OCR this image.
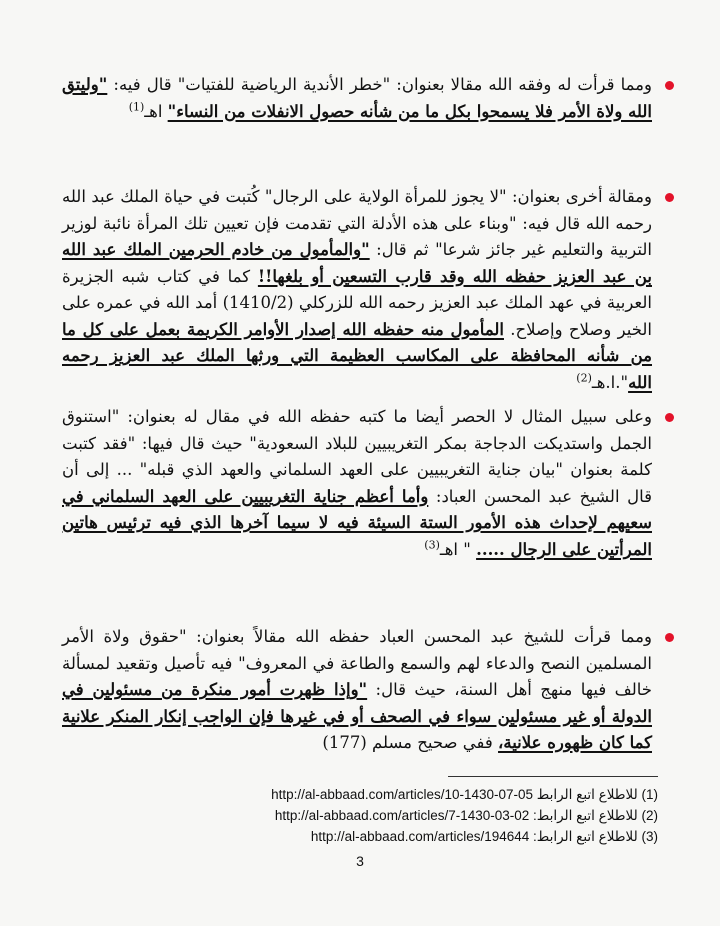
ومما قرأت له وفقه الله مقالا بعنوان: "خطر الأندية الرياضية للفتيات" قال فيه: "وليتق الله ولاة الأمر فلا يسمحوا بكل ما من شأنه حصول الانفلات من النساء" اهـ$^{(1)}$

ومقالة أخرى بعنوان: "لا يجوز للمرأة الولاية على الرجال" كُتبت في حياة الملك عبد الله رحمه الله قال فيه: "وبناء على هذه الأدلة التي تقدمت فإن تعيين تلك المرأة نائبة لوزير التربية والتعليم غير جائز شرعا" ثم قال: "والمأمول من خادم الحرمين الملك عبد الله بن عبد العزيز حفظه الله وقد قارب التسعين أو بلغها!! كما في كتاب شبه الجزيرة العربية في عهد الملك عبد العزيز رحمه الله للزركلي (1410/2) أمد الله في عمره على الخير وصلاح وإصلاح. المأمول منه حفظه الله إصدار الأوامر الكريمة بعمل على كل ما من شأنه المحافظة على المكاسب العظيمة التي ورثها الملك عبد العزيز رحمه الله".ا.هـ$^{(2)}$

وعلى سبيل المثال لا الحصر أيضا ما كتبه حفظه الله في مقال له بعنوان: "استنوق الجمل واستديكت الدجاجة بمكر التغريبيين للبلاد السعودية" حيث قال فيها: "فقد كتبت كلمة بعنوان "بيان جناية التغريبيين على العهد السلماني والعهد الذي قبله" ... إلى أن قال الشيخ عبد المحسن العباد: وأما أعظم جناية التغريبيين على العهد السلماني في سعيهم لإحداث هذه الأمور الستة السيئة فيه لا سيما آخرها الذي فيه ترئيس هاتين المرأتين على الرجال ..... " اهـ$^{(3)}$

ومما قرأت للشيخ عبد المحسن العباد حفظه الله مقالاً بعنوان: "حقوق ولاة الأمر المسلمين النصح والدعاء لهم والسمع والطاعة في المعروف" فيه تأصيل وتقعيد لمسألة خالف فيها منهج أهل السنة، حيث قال: "وإذا ظهرت أمور منكرة من مسئولين في الدولة أو غير مسئولين سواء في الصحف أو في غيرها فإن الواجب إنكار المنكر علانية كما كان ظهوره علانية، ففي صحيح مسلم (177)

(1) للاطلاع اتبع الرابط http://al-abbaad.com/articles/10-1430-07-05
(2) للاطلاع اتبع الرابط: http://al-abbaad.com/articles/7-1430-03-02
(3) للاطلاع اتبع الرابط: http://al-abbaad.com/articles/194644
3
